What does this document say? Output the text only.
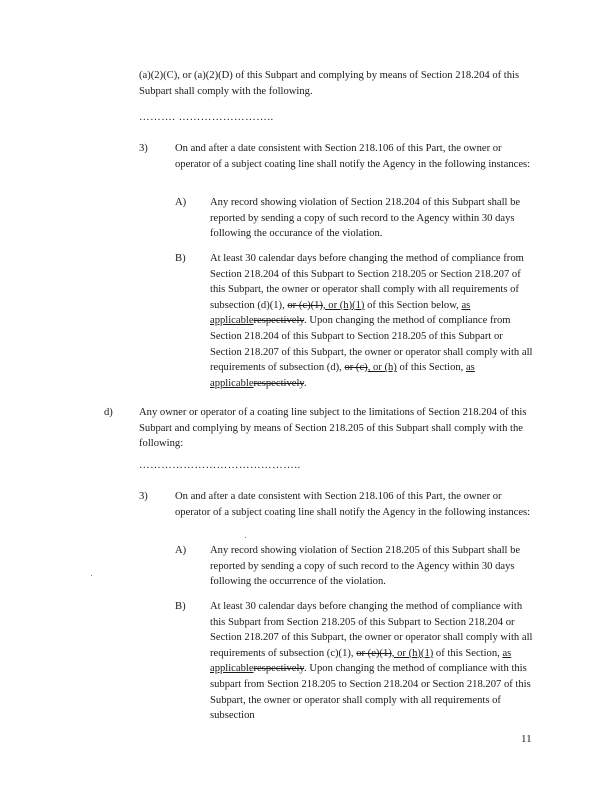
(a)(2)(C), or (a)(2)(D) of this Subpart and complying by means of Section 218.204 of this Subpart shall comply with the following.

………. ……………………..
3)	On and after a date consistent with Section 218.106 of this Part, the owner or operator of a subject coating line shall notify the Agency in the following instances:

A) Any record showing violation of Section 218.204 of this Subpart shall be reported by sending a copy of such record to the Agency within 30 days following the occurance of the violation.

B) At least 30 calendar days before changing the method of compliance from Section 218.204 of this Subpart to Section 218.205 or Section 218.207 of this Subpart, the owner or operator shall comply with all requirements of subsection (d)(1), or (c)(1), or (h)(1) of this Section below, as applicablerespectively. Upon changing the method of compliance from Section 218.204 of this Subpart to Section 218.205 of this Subpart or Section 218.207 of this Subpart, the owner or operator shall comply with all requirements of subsection (d), or (c), or (h) of this Section, as applicablerespectively.

d) Any owner or operator of a coating line subject to the limitations of Section 218.204 of this Subpart and complying by means of Section 218.205 of this Subpart shall comply with the following:

……………………………………..
3)	On and after a date consistent with Section 218.106 of this Part, the owner or operator of a subject coating line shall notify the Agency in the following instances:

A) Any record showing violation of Section 218.205 of this Subpart shall be reported by sending a copy of such record to the Agency within 30 days following the occurrence of the violation.

B) At least 30 calendar days before changing the method of compliance with this Subpart from Section 218.205 of this Subpart to Section 218.204 or Section 218.207 of this Subpart, the owner or operator shall comply with all requirements of subsection (c)(1), or (e)(1), or (h)(1) of this Section, as applicablerespectively. Upon changing the method of compliance with this subpart from Section 218.205 to Section 218.204 or Section 218.207 of this Subpart, the owner or operator shall comply with all requirements of subsection

11
